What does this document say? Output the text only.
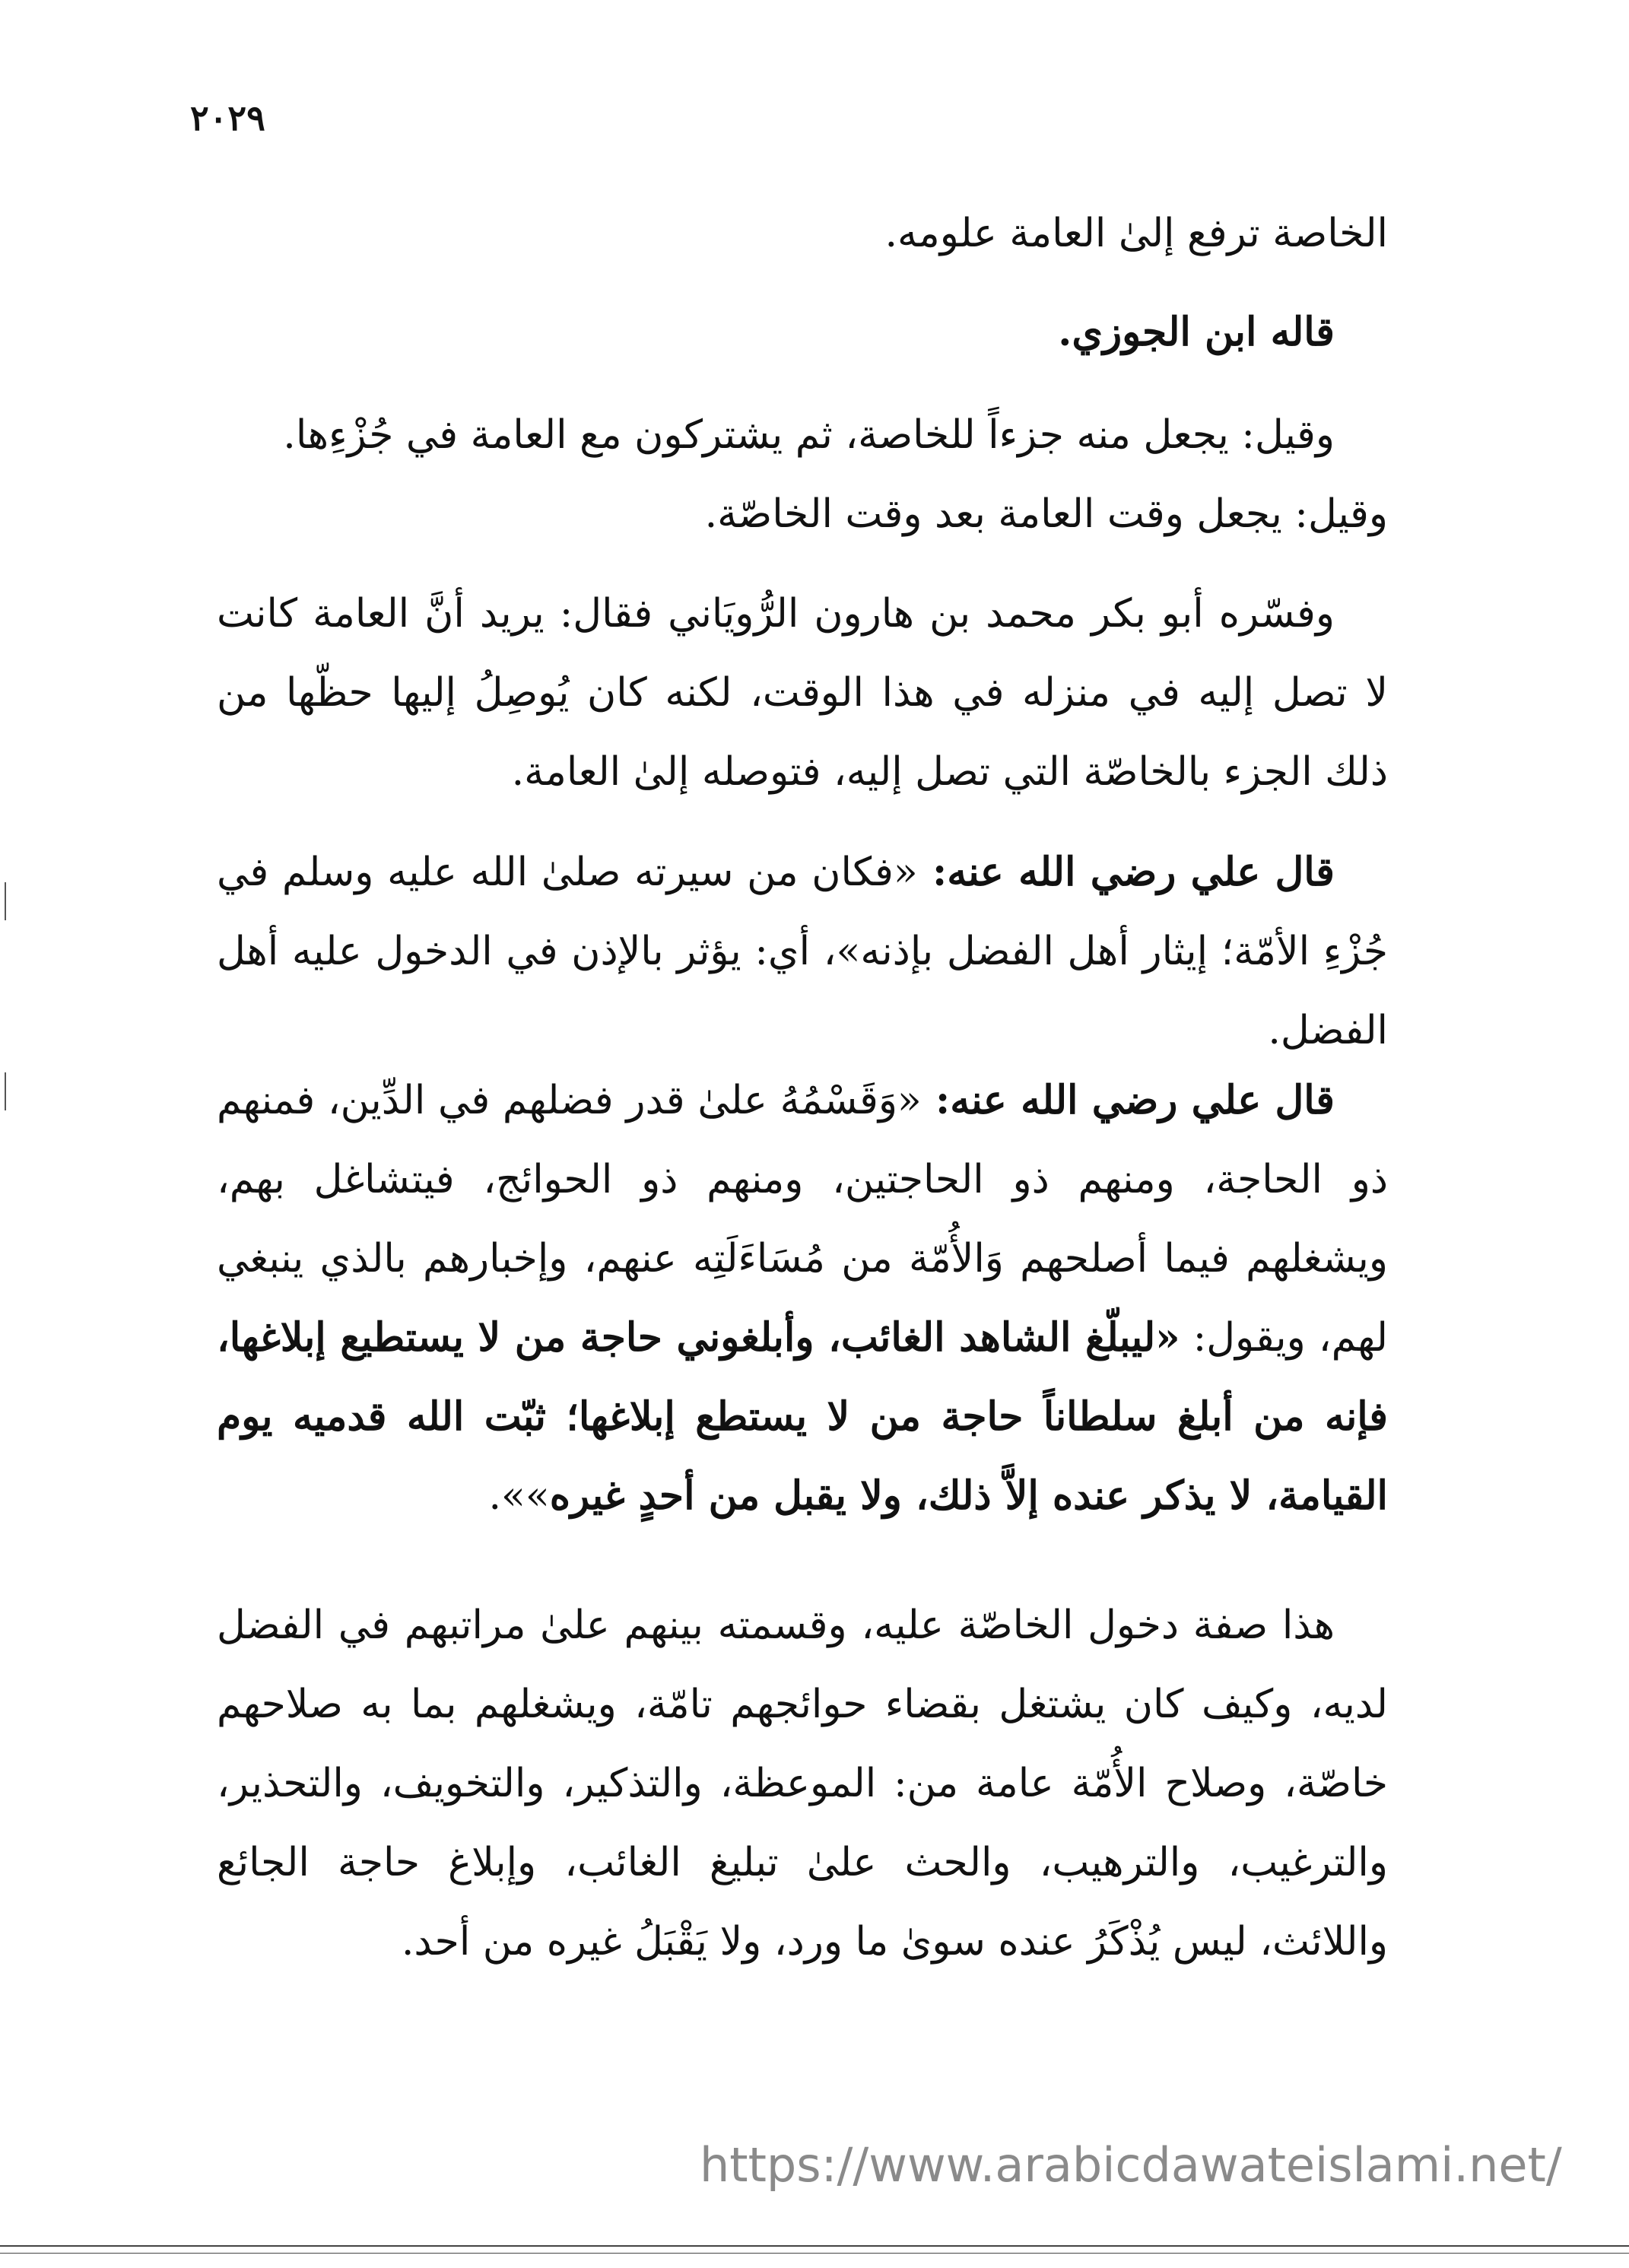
٢٠٢٩

الخاصة ترفع إلىٰ العامة علومه.

قاله ابن الجوزي.

وقيل: يجعل منه جزءاً للخاصة، ثم يشتركون مع العامة في جُزْءِها.

وقيل: يجعل وقت العامة بعد وقت الخاصّة.

وفسّره أبو بكر محمد بن هارون الرُّويَاني فقال: يريد أنَّ العامة كانت لا تصل إليه في منزله في هذا الوقت، لكنه كان يُوصِلُ إليها حظّها من ذلك الجزء بالخاصّة التي تصل إليه، فتوصله إلىٰ العامة.

قال علي رضي الله عنه: «فكان من سيرته صلىٰ الله عليه وسلم في جُزْءِ الأمّة؛ إيثار أهل الفضل بإذنه»، أي: يؤثر بالإذن في الدخول عليه أهل الفضل.

قال علي رضي الله عنه: «وَقَسْمُهُ علىٰ قدر فضلهم في الدِّين، فمنهم ذو الحاجة، ومنهم ذو الحاجتين، ومنهم ذو الحوائج، فيتشاغل بهم، ويشغلهم فيما أصلحهم وَالأُمّة من مُسَاءَلَتِه عنهم، وإخبارهم بالذي ينبغي لهم، ويقول: «ليبلّغ الشاهد الغائب، وأبلغوني حاجة من لا يستطيع إبلاغها، فإنه من أبلغ سلطاناً حاجة من لا يستطع إبلاغها؛ ثبّت الله قدميه يوم القيامة، لا يذكر عنده إلاَّ ذلك، ولا يقبل من أحدٍ غيره»».

هذا صفة دخول الخاصّة عليه، وقسمته بينهم علىٰ مراتبهم في الفضل لديه، وكيف كان يشتغل بقضاء حوائجهم تامّة، ويشغلهم بما به صلاحهم خاصّة، وصلاح الأُمّة عامة من: الموعظة، والتذكير، والتخويف، والتحذير، والترغيب، والترهيب، والحث علىٰ تبليغ الغائب، وإبلاغ حاجة الجائع واللائث، ليس يُذْكَرُ عنده سوىٰ ما ورد، ولا يَقْبَلُ غيره من أحد.

https://www.arabicdawateislami.net/
